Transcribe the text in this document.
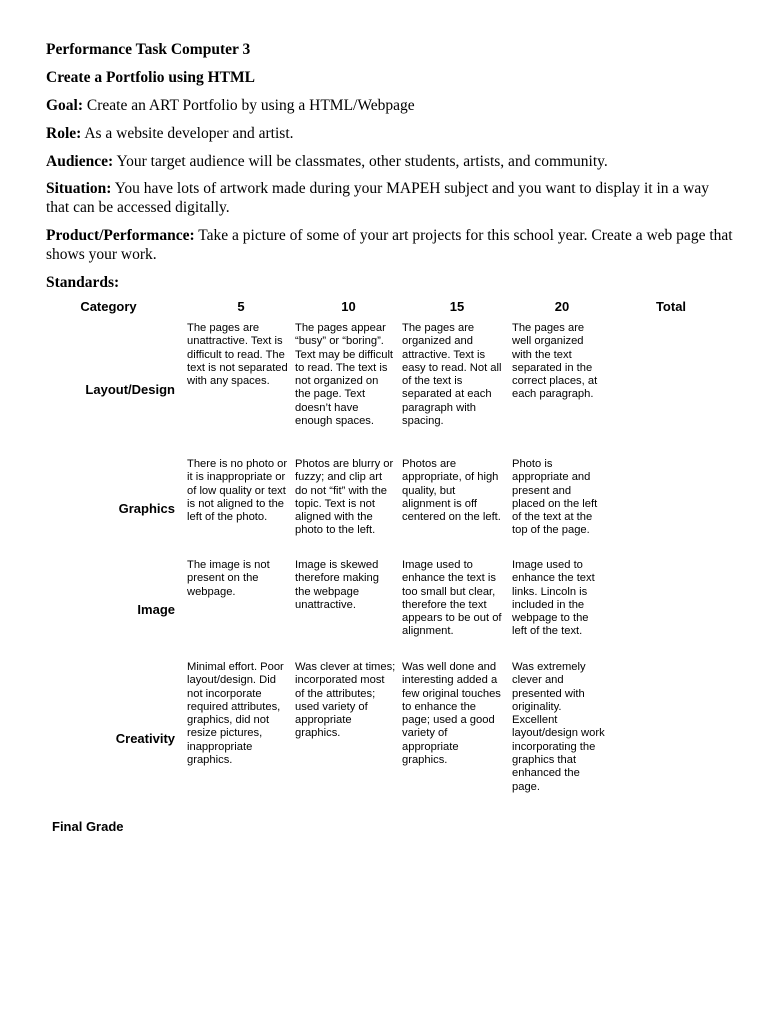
Performance Task Computer 3

Create a Portfolio using HTML

Goal: Create an ART Portfolio by using a HTML/Webpage

Role: As a website developer and artist.

Audience: Your target audience will be classmates, other students, artists, and community.

Situation: You have lots of artwork made during your MAPEH subject and you want to display it in a way that can be accessed digitally.

Product/Performance: Take a picture of some of your art projects for this school year. Create a web page that shows your work.

Standards:

Category	5	10	15	20	Total
Layout/Design	The pages are unattractive. Text is difficult to read. The text is not separated with any spaces.	The pages appear “busy” or “boring”. Text may be difficult to read. The text is not organized on the page. Text doesn’t have enough spaces.	The pages are organized and attractive. Text is easy to read. Not all of the text is separated at each paragraph with spacing.	The pages are well organized with the text separated in the correct places, at each paragraph.	
Graphics	There is no photo or it is inappropriate or of low quality or text is not aligned to the left of the photo.	Photos are blurry or fuzzy; and clip art do not “fit” with the topic. Text is not aligned with the photo to the left.	Photos are appropriate, of high quality, but alignment is off centered on the left.	Photo is appropriate and present and placed on the left of the text at the top of the page.	
Image	The image is not present on the webpage.	Image is skewed therefore making the webpage unattractive.	Image used to enhance the text is too small but clear, therefore the text appears to be out of alignment.	Image used to enhance the text links. Lincoln is included in the webpage to the left of the text.	
Creativity	Minimal effort. Poor layout/design. Did not incorporate required attributes, graphics, did not resize pictures, inappropriate graphics.	Was clever at times; incorporated most of the attributes; used variety of appropriate graphics.	Was well done and interesting added a few original touches to enhance the page; used a good variety of appropriate graphics.	Was extremely clever and presented with originality. Excellent layout/design work incorporating the graphics that enhanced the page.	

Final Grade
